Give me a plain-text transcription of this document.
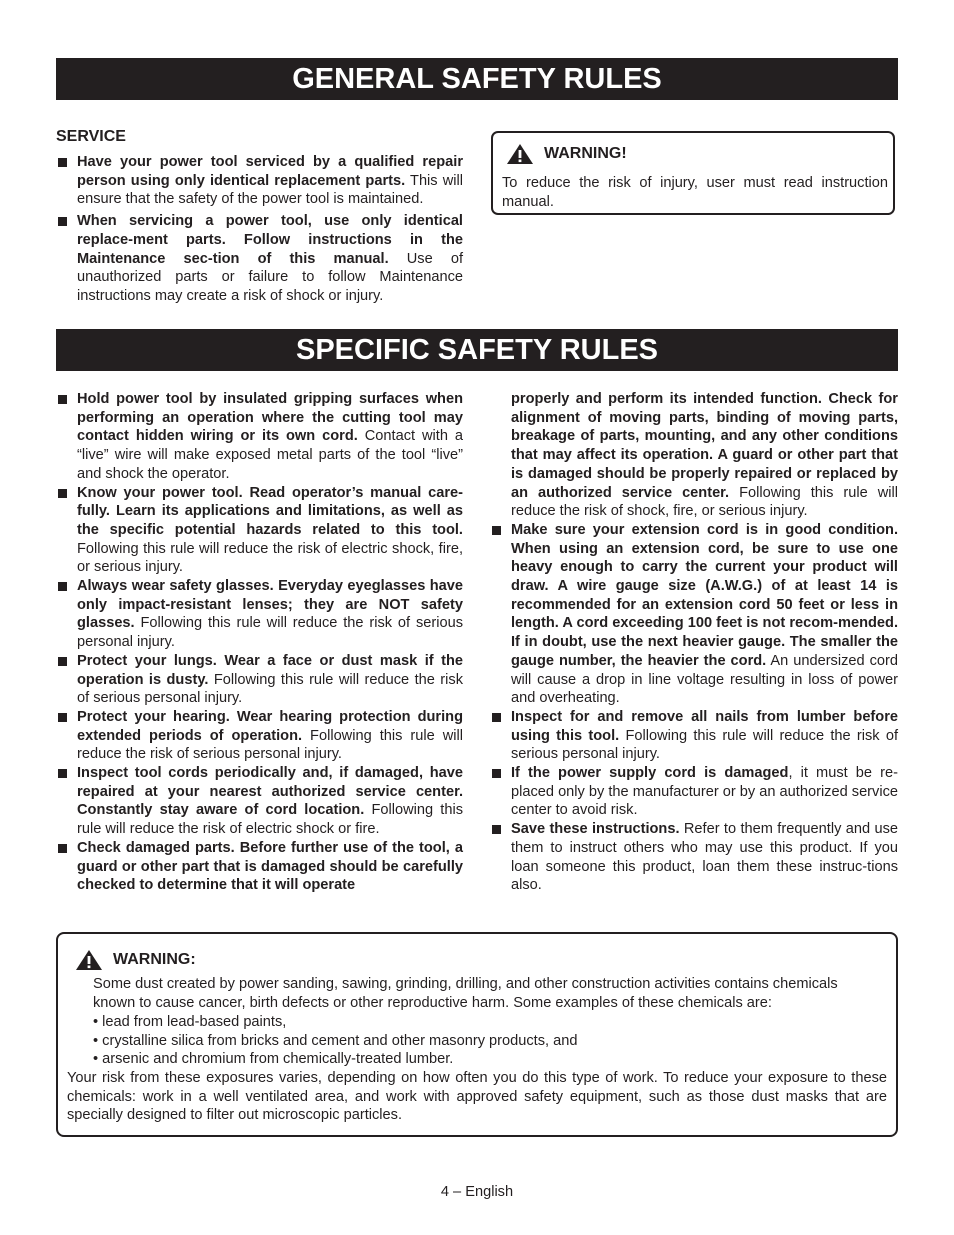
GENERAL SAFETY RULES
SERVICE
Have your power tool serviced by a qualified repair person using only identical replacement parts. This will ensure that the safety of the power tool is maintained.
When servicing a power tool, use only identical replace-ment parts. Follow instructions in the Maintenance sec-tion of this manual. Use of unauthorized parts or failure to follow Maintenance instructions may create a risk of shock or injury.
WARNING!
To reduce the risk of injury, user must read instruction manual.
SPECIFIC SAFETY RULES
Hold power tool by insulated gripping surfaces when performing an operation where the cutting tool may contact hidden wiring or its own cord. Contact with a “live” wire will make exposed metal parts of the tool “live” and shock the operator.
Know your power tool. Read operator’s manual care-fully. Learn its applications and limitations, as well as the specific potential hazards related to this tool. Following this rule will reduce the risk of electric shock, fire, or serious injury.
Always wear safety glasses. Everyday eyeglasses have only impact-resistant lenses; they are NOT safety glasses. Following this rule will reduce the risk of serious personal injury.
Protect your lungs. Wear a face or dust mask if the operation is dusty. Following this rule will reduce the risk of serious personal injury.
Protect your hearing. Wear hearing protection during extended periods of operation. Following this rule will reduce the risk of serious personal injury.
Inspect tool cords periodically and, if damaged, have repaired at your nearest authorized service center. Constantly stay aware of cord location. Following this rule will reduce the risk of electric shock or fire.
Check damaged parts. Before further use of the tool, a guard or other part that is damaged should be carefully checked to determine that it will operate
properly and perform its intended function. Check for alignment of moving parts, binding of moving parts, breakage of parts, mounting, and any other conditions that may affect its operation. A guard or other part that is damaged should be properly repaired or replaced by an authorized service center. Following this rule will reduce the risk of shock, fire, or serious injury.
Make sure your extension cord is in good condition. When using an extension cord, be sure to use one heavy enough to carry the current your product will draw. A wire gauge size (A.W.G.) of at least 14 is recommended for an extension cord 50 feet or less in length. A cord exceeding 100 feet is not recom-mended. If in doubt, use the next heavier gauge. The smaller the gauge number, the heavier the cord. An undersized cord will cause a drop in line voltage resulting in loss of power and overheating.
Inspect for and remove all nails from lumber before using this tool. Following this rule will reduce the risk of serious personal injury.
If the power supply cord is damaged, it must be re-placed only by the manufacturer or by an authorized service center to avoid risk.
Save these instructions. Refer to them frequently and use them to instruct others who may use this product. If you loan someone this product, loan them these instruc-tions also.
WARNING:
Some dust created by power sanding, sawing, grinding, drilling, and other construction activities contains chemicals known to cause cancer, birth defects or other reproductive harm. Some examples of these chemicals are:
• lead from lead-based paints,
• crystalline silica from bricks and cement and other masonry products, and
• arsenic and chromium from chemically-treated lumber.
Your risk from these exposures varies, depending on how often you do this type of work. To reduce your exposure to these chemicals: work in a well ventilated area, and work with approved safety equipment, such as those dust masks that are specially designed to filter out microscopic particles.
4 – English
